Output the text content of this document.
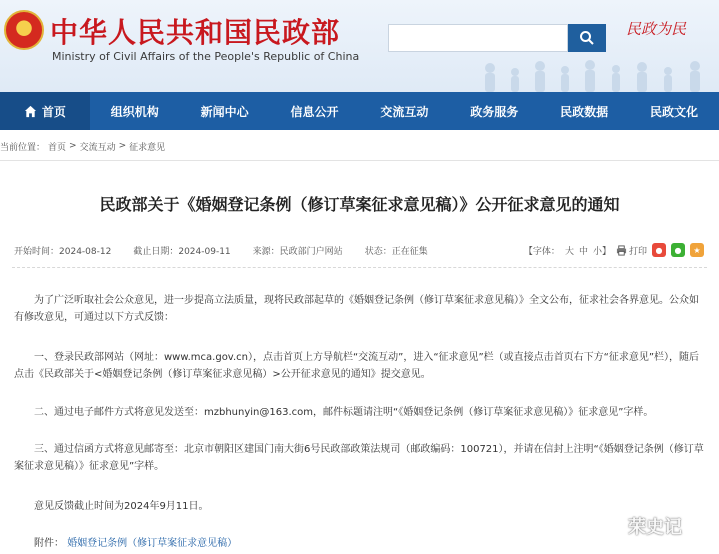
★ 中华人民共和国民政部
Ministry of Civil Affairs of the People's Republic of China
民政为民
首页	组织机构	新闻中心	信息公开	交流互动	政务服务	民政数据	民政文化
当前位置： 首页 > 交流互动 > 征求意见
民政部关于《婚姻登记条例（修订草案征求意见稿）》公开征求意见的通知
开始时间：2024-08-12 截止日期：2024-09-11 来源：民政部门户网站 状态：正在征集	【字体： 大 中 小】 打印	●	●	★

为了广泛听取社会公众意见，进一步提高立法质量，现将民政部起草的《婚姻登记条例（修订草案征求意见稿）》全文公布，征求社会各界意见。公众如有修改意见，可通过以下方式反馈：

一、登录民政部网站（网址：www.mca.gov.cn），点击首页上方导航栏“交流互动”，进入“征求意见”栏（或直接点击首页右下方“征求意见”栏），随后点击《民政部关于<婚姻登记条例（修订草案征求意见稿）>公开征求意见的通知》提交意见。

二、通过电子邮件方式将意见发送至：mzbhunyin@163.com，邮件标题请注明“《婚姻登记条例（修订草案征求意见稿）》征求意见”字样。

三、通过信函方式将意见邮寄至：北京市朝阳区建国门南大街6号民政部政策法规司（邮政编码：100721），并请在信封上注明“《婚姻登记条例（修订草案征求意见稿）》征求意见”字样。

意见反馈截止时间为2024年9月11日。

附件： 婚姻登记条例（修订草案征求意见稿）
荣史记
